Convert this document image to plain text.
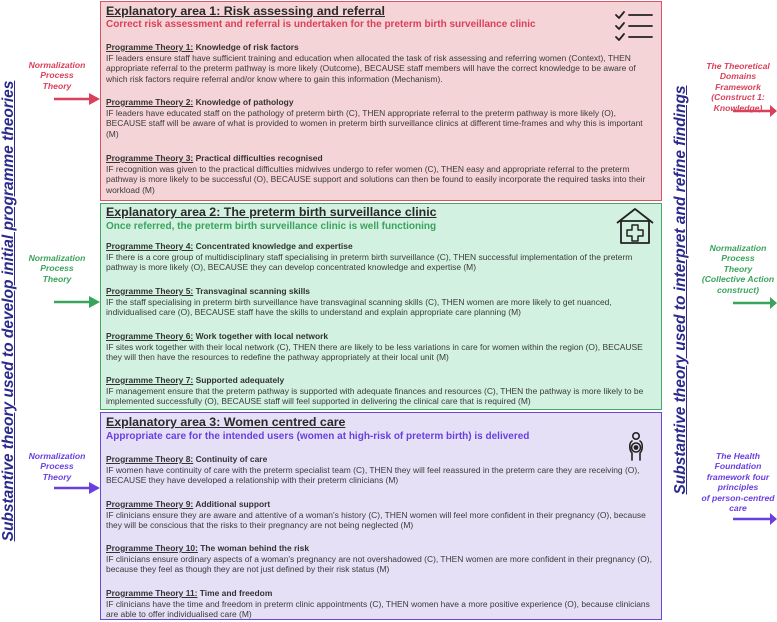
Substantive theory used to develop initial programme theories	Substantive theory used to interpret and refine findings
Normalization
Process
Theory
Normalization
Process
Theory
Normalization
Process
Theory
The Theoretical
Domains Framework
(Construct 1:
Knowledge)
Normalization
Process
Theory
(Collective Action
construct)
The Health
Foundation
framework four
principles
of person-centred
care
Explanatory area 1: Risk assessing and referral
Correct risk assessment and referral is undertaken for the preterm birth surveillance clinic
Programme Theory 1: Knowledge of risk factors
IF leaders ensure staff have sufficient training and education when allocated the task of risk assessing and referring women (Context), THEN appropriate referral to the preterm pathway is more likely (Outcome), BECAUSE staff members will have the correct knowledge to be aware of which risk factors require referral and/or know where to gain this information (Mechanism).
Programme Theory 2: Knowledge of pathology
IF leaders have educated staff on the pathology of preterm birth (C), THEN appropriate referral to the preterm pathway is more likely (O), BECAUSE staff will be aware of what is provided to women in preterm birth surveillance clinics at different time-frames and why this is important (M)
Programme Theory 3: Practical difficulties recognised
IF recognition was given to the practical difficulties midwives undergo to refer women (C), THEN easy and appropriate referral to the preterm pathway is more likely to be successful (O), BECAUSE support and solutions can then be found to easily incorporate the required tasks into their workload (M)
Explanatory area 2: The preterm birth surveillance clinic
Once referred, the preterm birth surveillance clinic is well functioning
Programme Theory 4: Concentrated knowledge and expertise
IF there is a core group of multidisciplinary staff specialising in preterm birth surveillance (C), THEN successful implementation of the preterm pathway is more likely (O), BECAUSE they can develop concentrated knowledge and expertise (M)
Programme Theory 5: Transvaginal scanning skills
IF the staff specialising in preterm birth surveillance have transvaginal scanning skills (C), THEN women are more likely to get nuanced, individualised care (O), BECAUSE staff have the skills to understand and explain appropriate care planning (M)
Programme Theory 6: Work together with local network
IF sites work together with their local network (C), THEN there are likely to be less variations in care for women within the region (O), BECAUSE they will then have the resources to redefine the pathway appropriately at their local unit (M)
Programme Theory 7: Supported adequately
IF management ensure that the preterm pathway is supported with adequate finances and resources (C), THEN the pathway is more likely to be implemented successfully (O), BECAUSE staff will feel supported in delivering the clinical care that is required (M)
Explanatory area 3: Women centred care
Appropriate care for the intended users (women at high-risk of preterm birth) is delivered
Programme Theory 8: Continuity of care
IF women have continuity of care with the preterm specialist team (C), THEN they will feel reassured in the preterm care they are receiving (O), BECAUSE they have developed a relationship with their preterm clinicians (M)
Programme Theory 9: Additional support
IF clinicians ensure they are aware and attentive of a woman's history (C), THEN women will feel more confident in their pregnancy (O), because they will be conscious that the risks to their pregnancy are not being neglected (M)
Programme Theory 10: The woman behind the risk
IF clinicians ensure ordinary aspects of a woman's pregnancy are not overshadowed (C), THEN women are more confident in their pregnancy (O), because they feel as though they are not just defined by their risk status (M)
Programme Theory 11: Time and freedom
IF clinicians have the time and freedom in preterm clinic appointments (C), THEN women have a more positive experience (O), because clinicians are able to offer individualised care (M)
